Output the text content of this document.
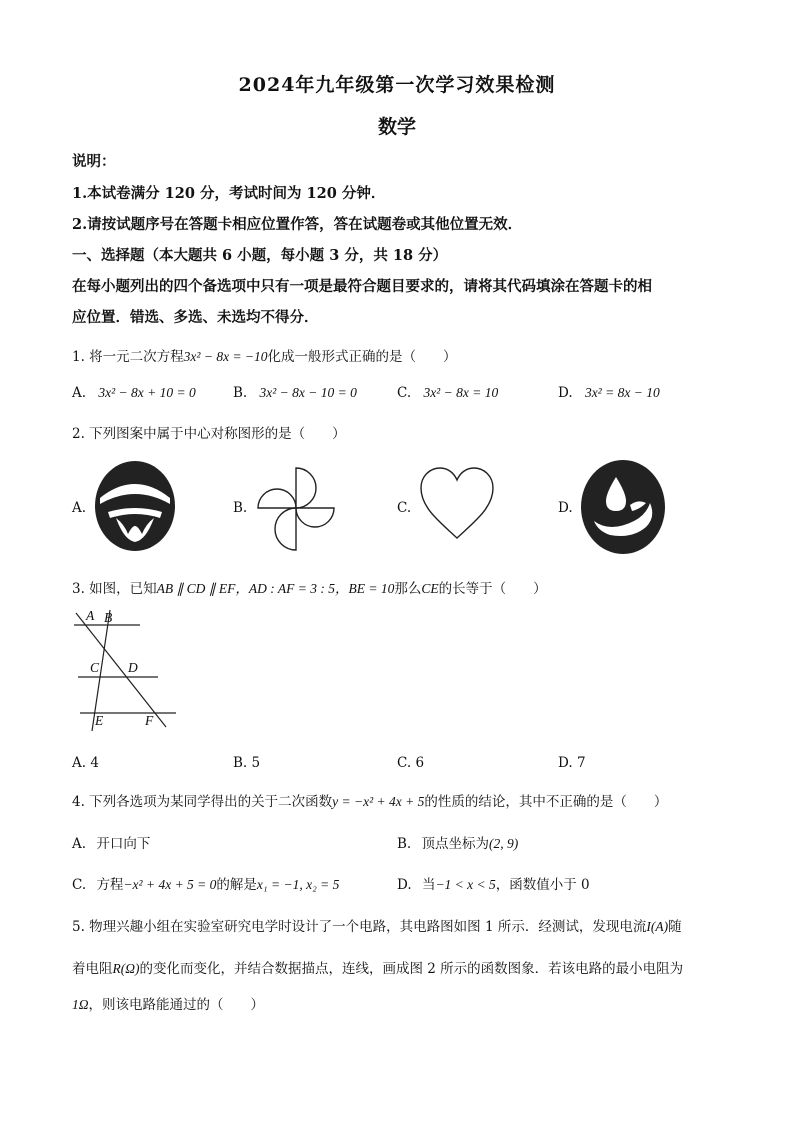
2024年九年级第一次学习效果检测
数学
说明：
1.本试卷满分 120 分，考试时间为 120 分钟．
2.请按试题序号在答题卡相应位置作答，答在试题卷或其他位置无效．
一、选择题（本大题共 6 小题，每小题 3 分，共 18 分）
在每小题列出的四个备选项中只有一项是最符合题目要求的，请将其代码填涂在答题卡的相
应位置．错选、多选、未选均不得分．
1. 将一元二次方程3x² − 8x = −10化成一般形式正确的是（　　）
A. 3x² − 8x + 10 = 0	B. 3x² − 8x − 10 = 0	C. 3x² − 8x = 10	D. 3x² = 8x − 10
2. 下列图案中属于中心对称图形的是（　　）
A.	B.	C.	D.
3. 如图，已知AB ∥ CD ∥ EF，AD : AF = 3 : 5，BE = 10那么CE的长等于（　　）
A B
C D
E	F
A. 4	B. 5	C. 6	D. 7
4. 下列各选项为某同学得出的关于二次函数y = −x² + 4x + 5的性质的结论，其中不正确的是（　　）
A. 开口向下	B. 顶点坐标为(2, 9)
C. 方程−x² + 4x + 5 = 0的解是x₁ = −1, x₂ = 5	D. 当−1 < x < 5，函数值小于 0
5. 物理兴趣小组在实验室研究电学时设计了一个电路，其电路图如图 1 所示．经测试，发现电流I(A)随
着电阻R(Ω)的变化而变化，并结合数据描点，连线，画成图 2 所示的函数图象．若该电路的最小电阻为
1Ω，则该电路能通过的（　　）
